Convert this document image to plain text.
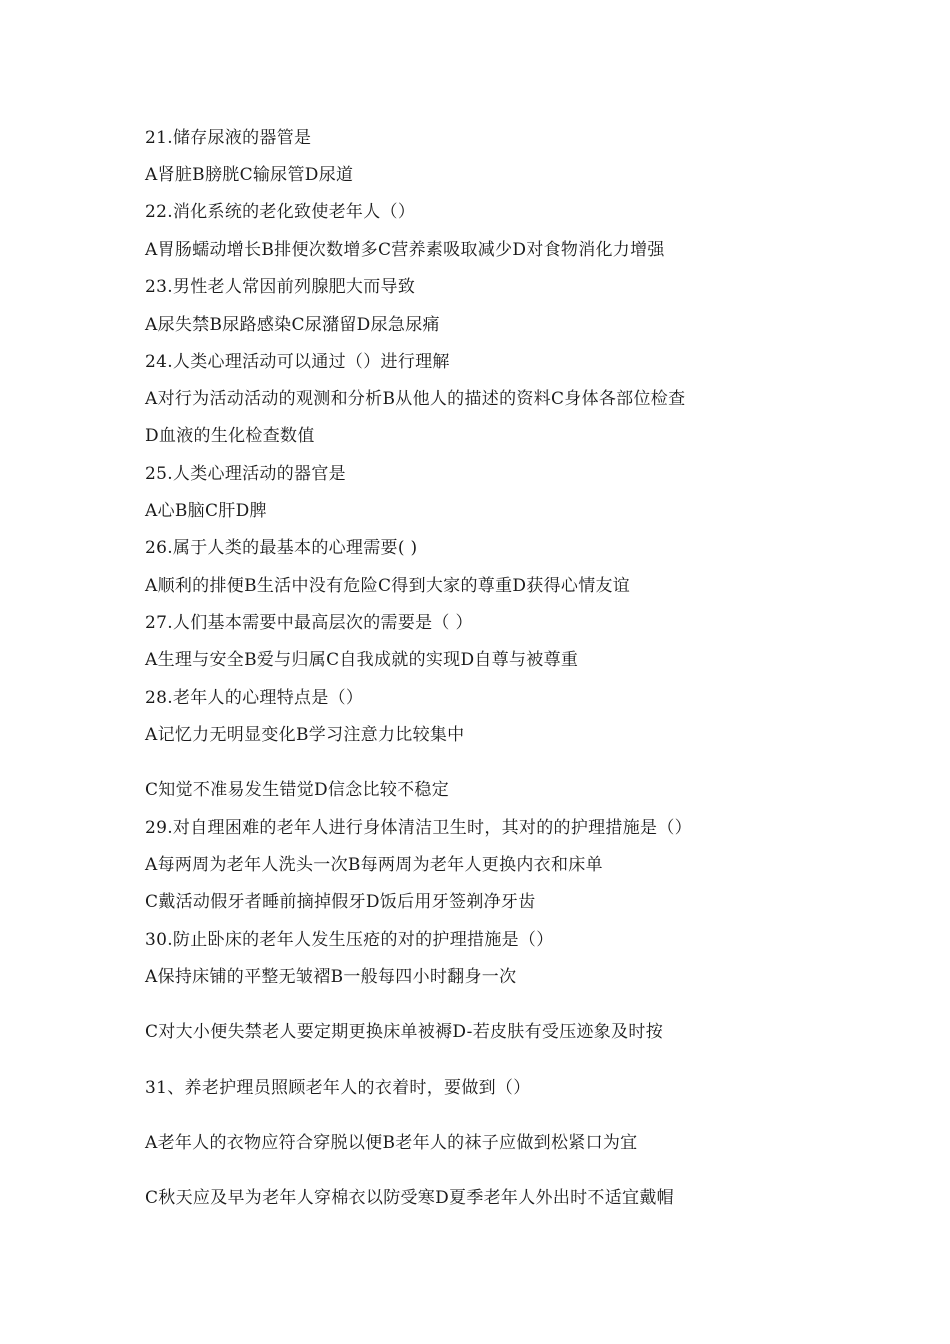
21.储存尿液的器管是
A肾脏B膀胱C输尿管D尿道
22.消化系统的老化致使老年人（）
A胃肠蠕动增长B排便次数增多C营养素吸取减少D对食物消化力增强
23.男性老人常因前列腺肥大而导致
A尿失禁B尿路感染C尿潴留D尿急尿痛
24.人类心理活动可以通过（）进行理解
A对行为活动活动的观测和分析B从他人的描述的资料C身体各部位检查
D血液的生化检查数值
25.人类心理活动的器官是
A心B脑C肝D脾
26.属于人类的最基本的心理需要( )
A顺利的排便B生活中没有危险C得到大家的尊重D获得心情友谊
27.人们基本需要中最高层次的需要是（ ）
A生理与安全B爱与归属C自我成就的实现D自尊与被尊重
28.老年人的心理特点是（）
A记忆力无明显变化B学习注意力比较集中
C知觉不准易发生错觉D信念比较不稳定
29.对自理困难的老年人进行身体清洁卫生时，其对的的护理措施是（）
A每两周为老年人洗头一次B每两周为老年人更换内衣和床单
C戴活动假牙者睡前摘掉假牙D饭后用牙签剃净牙齿
30.防止卧床的老年人发生压疮的对的护理措施是（）
A保持床铺的平整无皱褶B一般每四小时翻身一次
C对大小便失禁老人要定期更换床单被褥D-若皮肤有受压迹象及时按
31、养老护理员照顾老年人的衣着时，要做到（）
A老年人的衣物应符合穿脱以便B老年人的袜子应做到松紧口为宜
C秋天应及早为老年人穿棉衣以防受寒D夏季老年人外出时不适宜戴帽
